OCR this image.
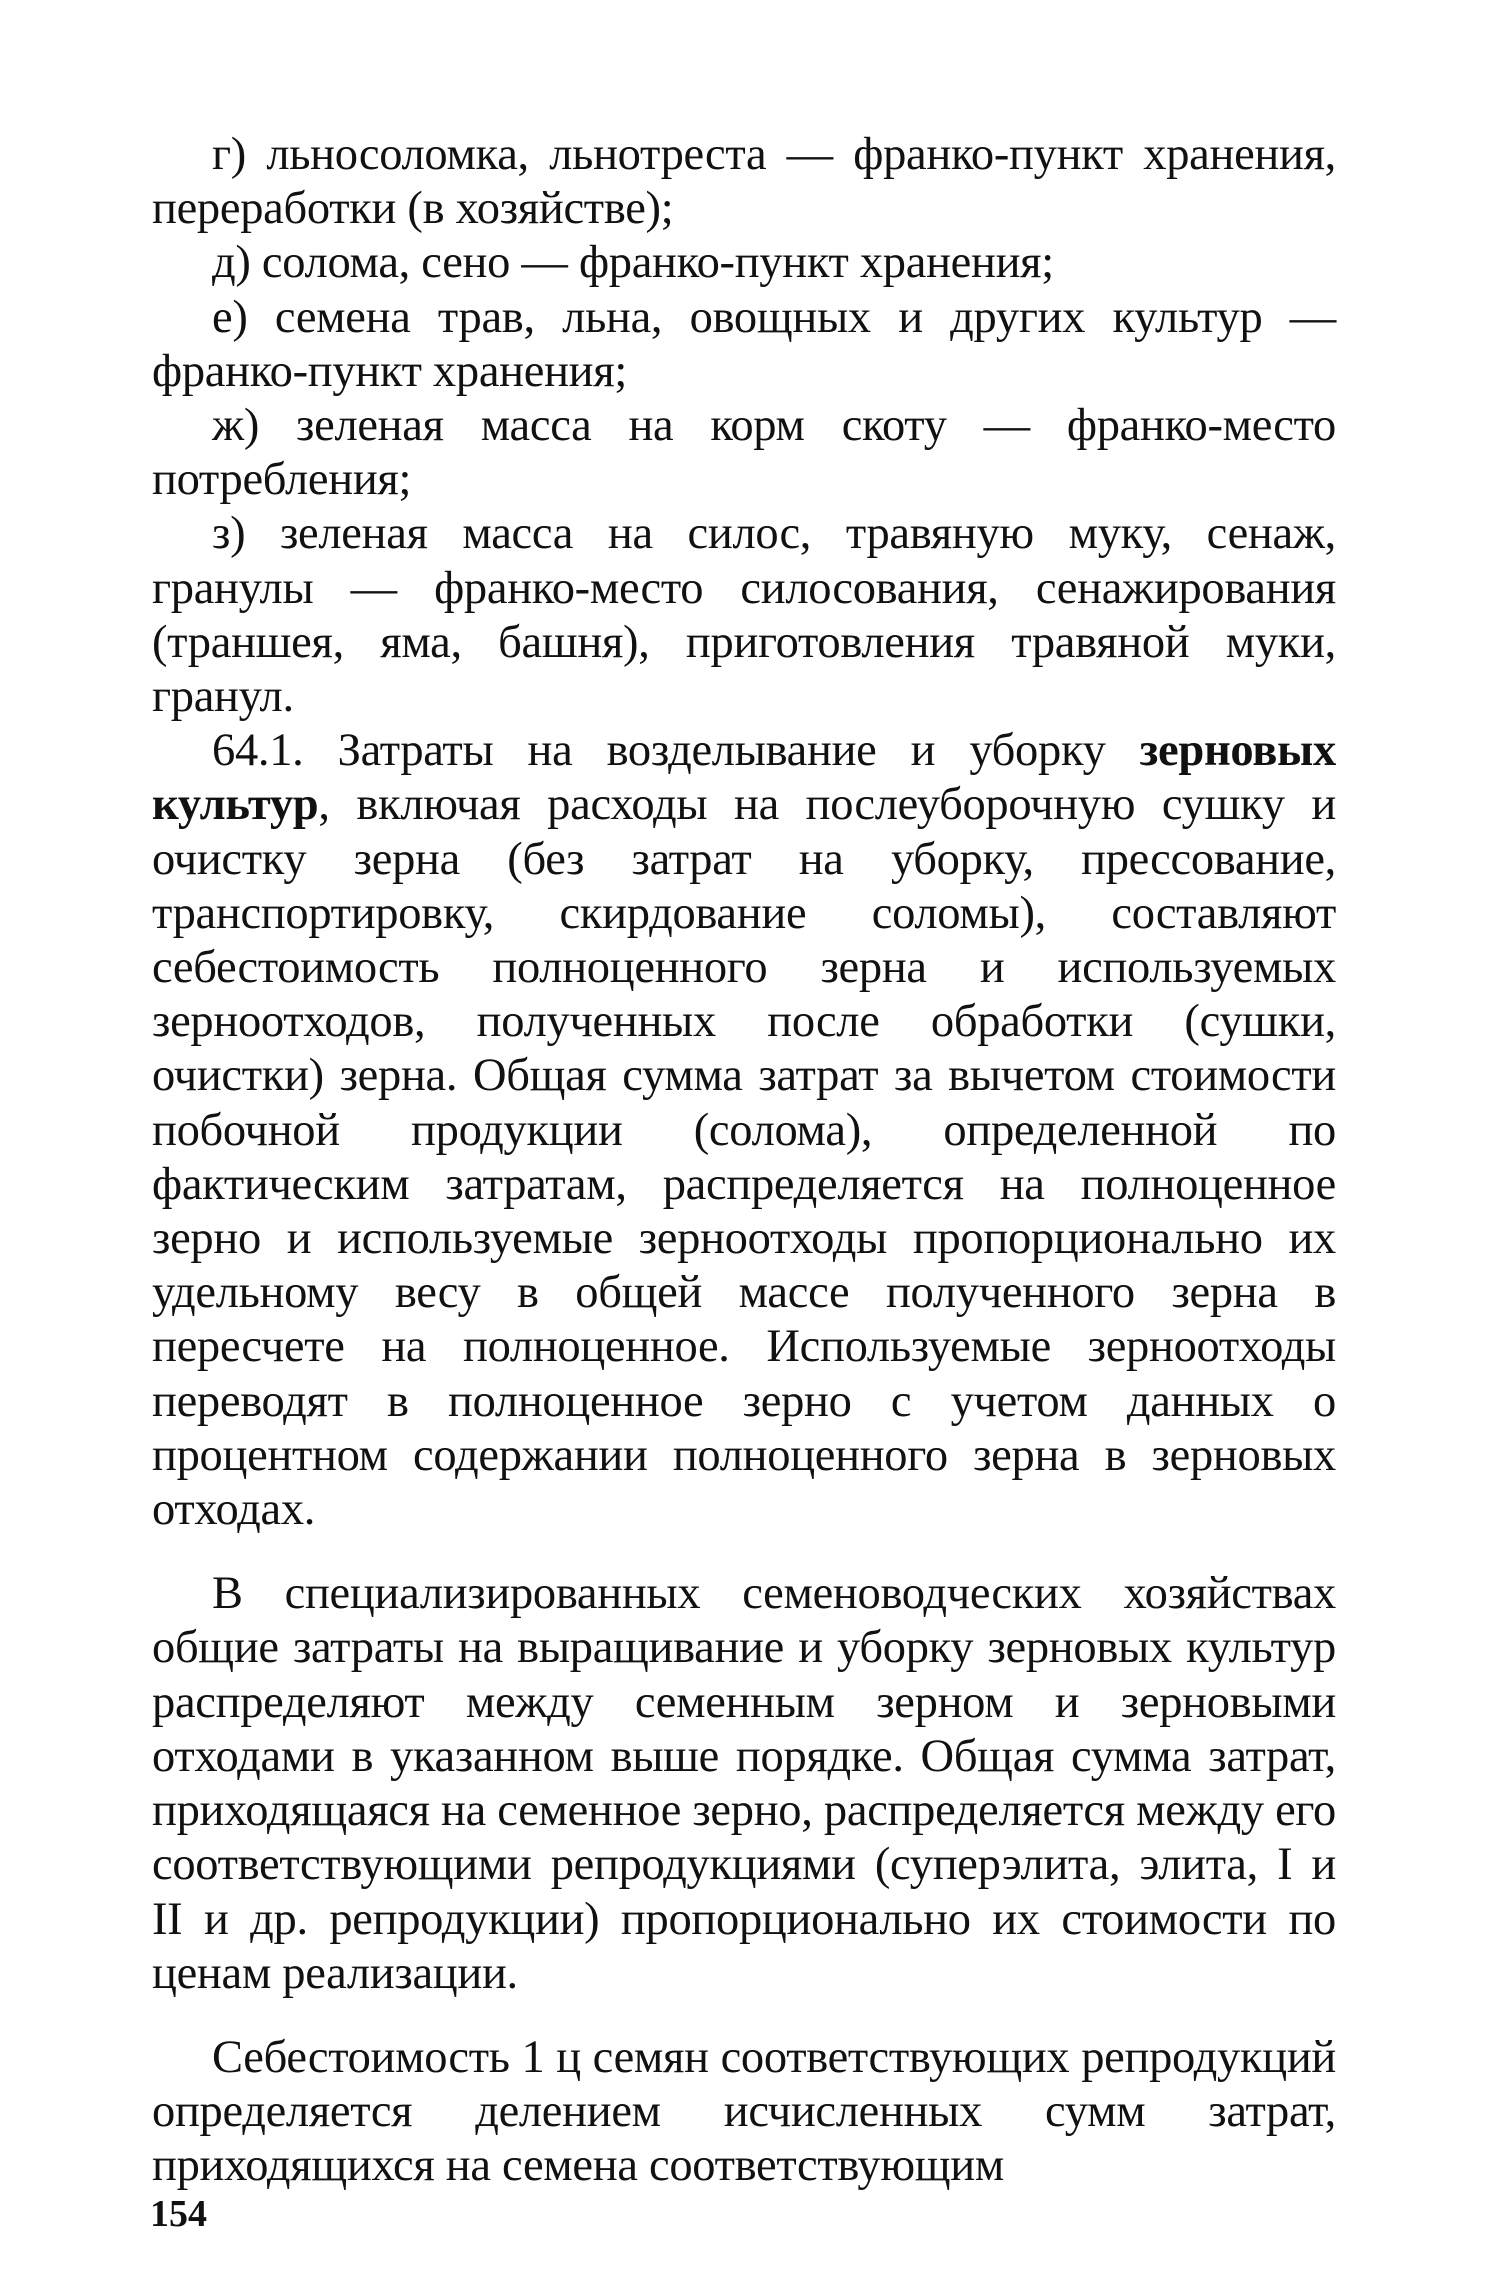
г) льносоломка, льнотреста — франко-пункт хранения, переработки (в хозяйстве);

д) солома, сено — франко-пункт хранения;

е) семена трав, льна, овощных и других культур — франко-пункт хранения;

ж) зеленая масса на корм скоту — франко-место потребления;

з) зеленая масса на силос, травяную муку, сенаж, гранулы — франко-место силосования, сенажирования (траншея, яма, башня), приготовления травяной муки, гранул.

64.1. Затраты на возделывание и уборку зерновых культур, включая расходы на послеуборочную сушку и очистку зерна (без затрат на уборку, прессование, транспортировку, скирдование соломы), составляют себестоимость полноценного зерна и используемых зерноотходов, полученных после обработки (сушки, очистки) зерна. Общая сумма затрат за вычетом стоимости побочной продукции (солома), определенной по фактическим затратам, распределяется на полноценное зерно и используемые зерноотходы пропорционально их удельному весу в общей массе полученного зерна в пересчете на полноценное. Используемые зерноотходы переводят в полноценное зерно с учетом данных о процентном содержании полноценного зерна в зерновых отходах.

В специализированных семеноводческих хозяйствах общие затраты на выращивание и уборку зерновых культур распределяют между семенным зерном и зерновыми отходами в указанном выше порядке. Общая сумма затрат, приходящаяся на семенное зерно, распределяется между его соответствующими репродукциями (суперэлита, элита, I и II и др. репродукции) пропорционально их стоимости по ценам реализации.

Себестоимость 1 ц семян соответствующих репродукций определяется делением исчисленных сумм затрат, приходящихся на семена соответствующим

154
